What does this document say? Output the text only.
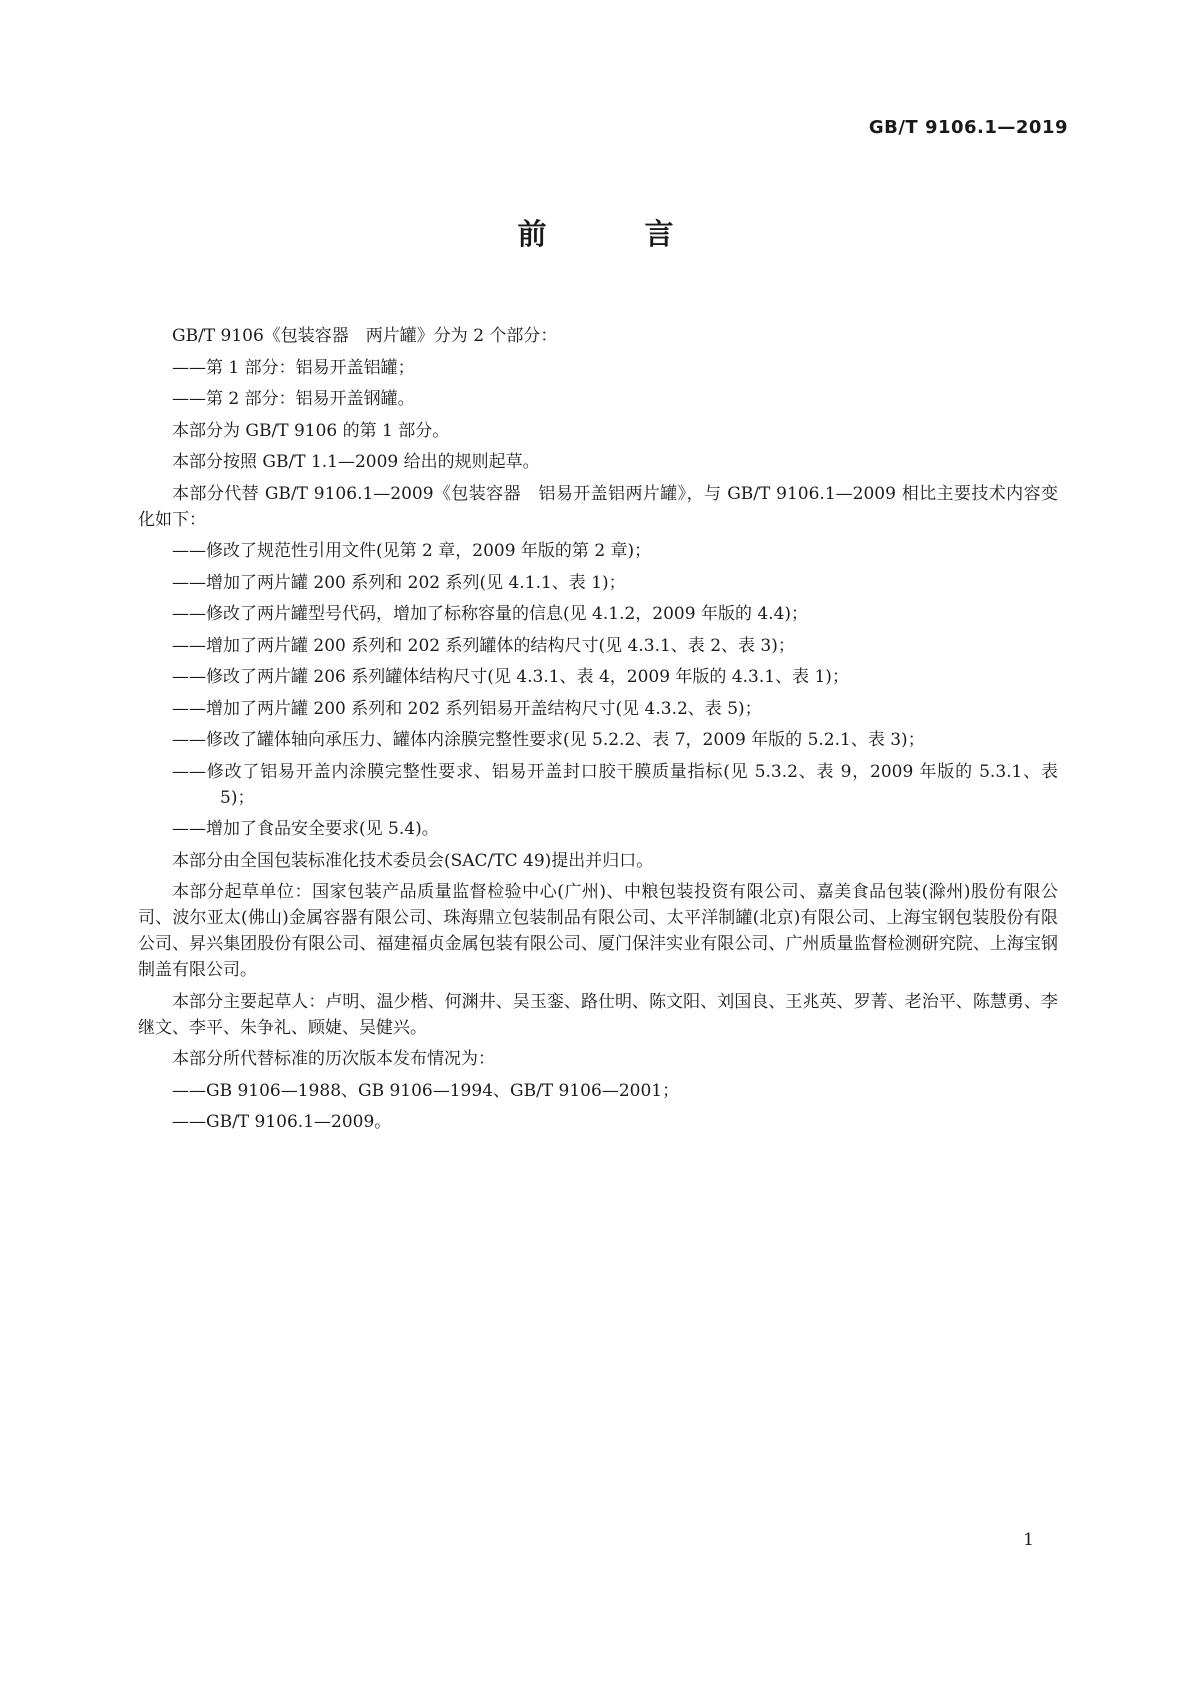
GB/T 9106.1—2019
前 言

GB/T 9106《包装容器　两片罐》分为 2 个部分：

——第 1 部分：铝易开盖铝罐；

——第 2 部分：铝易开盖钢罐。

本部分为 GB/T 9106 的第 1 部分。

本部分按照 GB/T 1.1—2009 给出的规则起草。

本部分代替 GB/T 9106.1—2009《包装容器　铝易开盖铝两片罐》，与 GB/T 9106.1—2009 相比主要技术内容变化如下：

——修改了规范性引用文件(见第 2 章，2009 年版的第 2 章)；

——增加了两片罐 200 系列和 202 系列(见 4.1.1、表 1)；

——修改了两片罐型号代码，增加了标称容量的信息(见 4.1.2，2009 年版的 4.4)；

——增加了两片罐 200 系列和 202 系列罐体的结构尺寸(见 4.3.1、表 2、表 3)；

——修改了两片罐 206 系列罐体结构尺寸(见 4.3.1、表 4，2009 年版的 4.3.1、表 1)；

——增加了两片罐 200 系列和 202 系列铝易开盖结构尺寸(见 4.3.2、表 5)；

——修改了罐体轴向承压力、罐体内涂膜完整性要求(见 5.2.2、表 7，2009 年版的 5.2.1、表 3)；

——修改了铝易开盖内涂膜完整性要求、铝易开盖封口胶干膜质量指标(见 5.3.2、表 9，2009 年版的 5.3.1、表 5)；

——增加了食品安全要求(见 5.4)。

本部分由全国包装标准化技术委员会(SAC/TC 49)提出并归口。

本部分起草单位：国家包装产品质量监督检验中心(广州)、中粮包装投资有限公司、嘉美食品包装(滁州)股份有限公司、波尔亚太(佛山)金属容器有限公司、珠海鼎立包装制品有限公司、太平洋制罐(北京)有限公司、上海宝钢包装股份有限公司、昇兴集团股份有限公司、福建福贞金属包装有限公司、厦门保沣实业有限公司、广州质量监督检测研究院、上海宝钢制盖有限公司。

本部分主要起草人：卢明、温少楷、何渊井、吴玉銮、路仕明、陈文阳、刘国良、王兆英、罗菁、老治平、陈慧勇、李继文、李平、朱争礼、顾婕、吴健兴。

本部分所代替标准的历次版本发布情况为：

——GB 9106—1988、GB 9106—1994、GB/T 9106—2001；

——GB/T 9106.1—2009。

1
